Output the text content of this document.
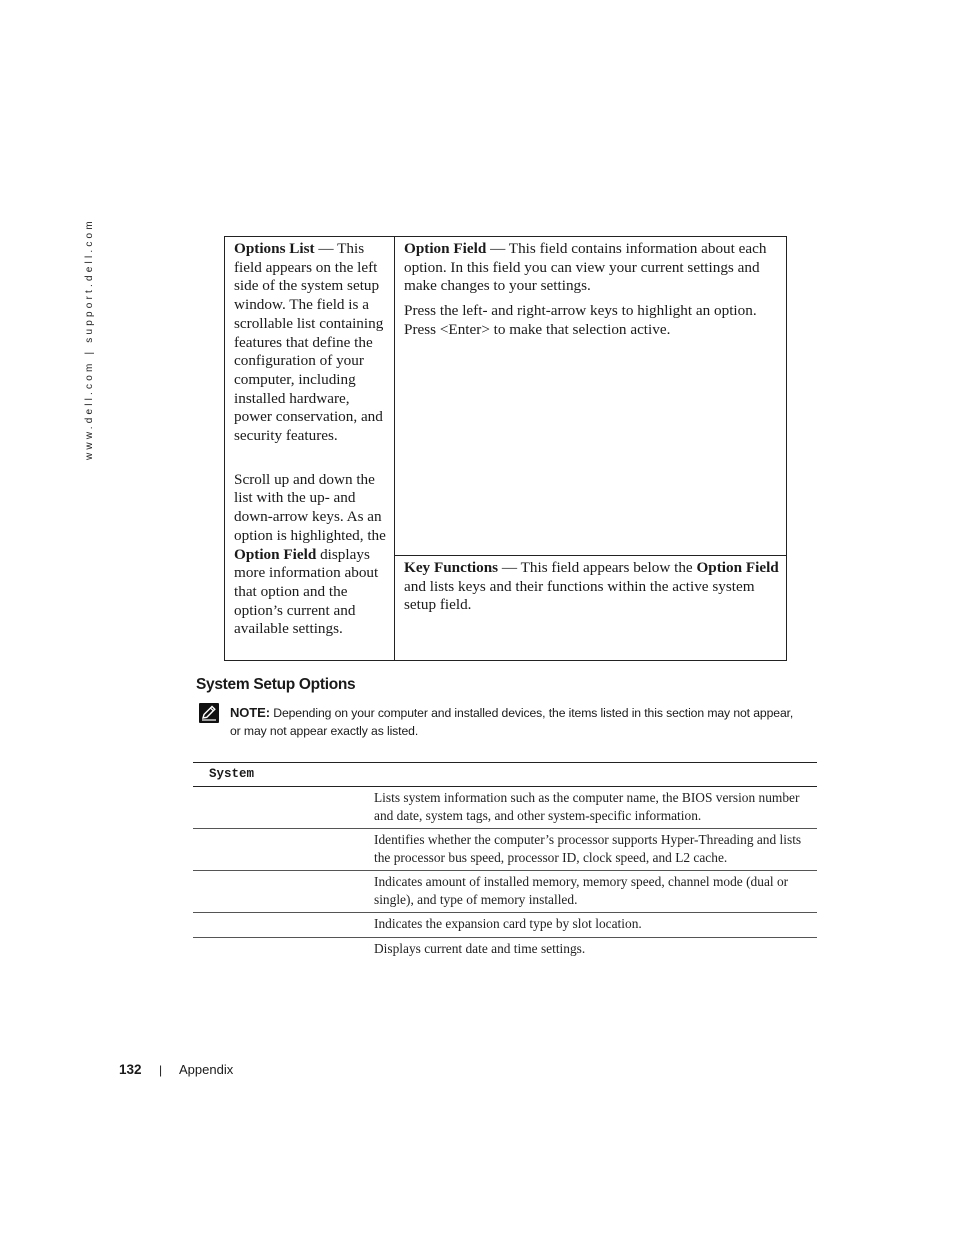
www.dell.com | support.dell.com	Options List — This field appears on the left side of the system setup window. The field is a scrollable list containing features that define the configuration of your computer, including installed hardware, power conservation, and security features.

Scroll up and down the list with the up- and down-arrow keys. As an option is highlighted, the Option Field displays more information about that option and the option’s current and available settings.

Option Field — This field contains information about each option. In this field you can view your current settings and make changes to your settings.

Press the left- and right-arrow keys to highlight an option. Press <Enter> to make that selection active.

Key Functions — This field appears below the Option Field and lists keys and their functions within the active system setup field.

System Setup Options
NOTE: Depending on your computer and installed devices, the items listed in this section may not appear, or may not appear exactly as listed.
System
Lists system information such as the computer name, the BIOS version number and date, system tags, and other system-specific information.
Identifies whether the computer’s processor supports Hyper-Threading and lists the processor bus speed, processor ID, clock speed, and L2 cache.
Indicates amount of installed memory, memory speed, channel mode (dual or single), and type of memory installed.
Indicates the expansion card type by slot location.
Displays current date and time settings.
132 | Appendix
